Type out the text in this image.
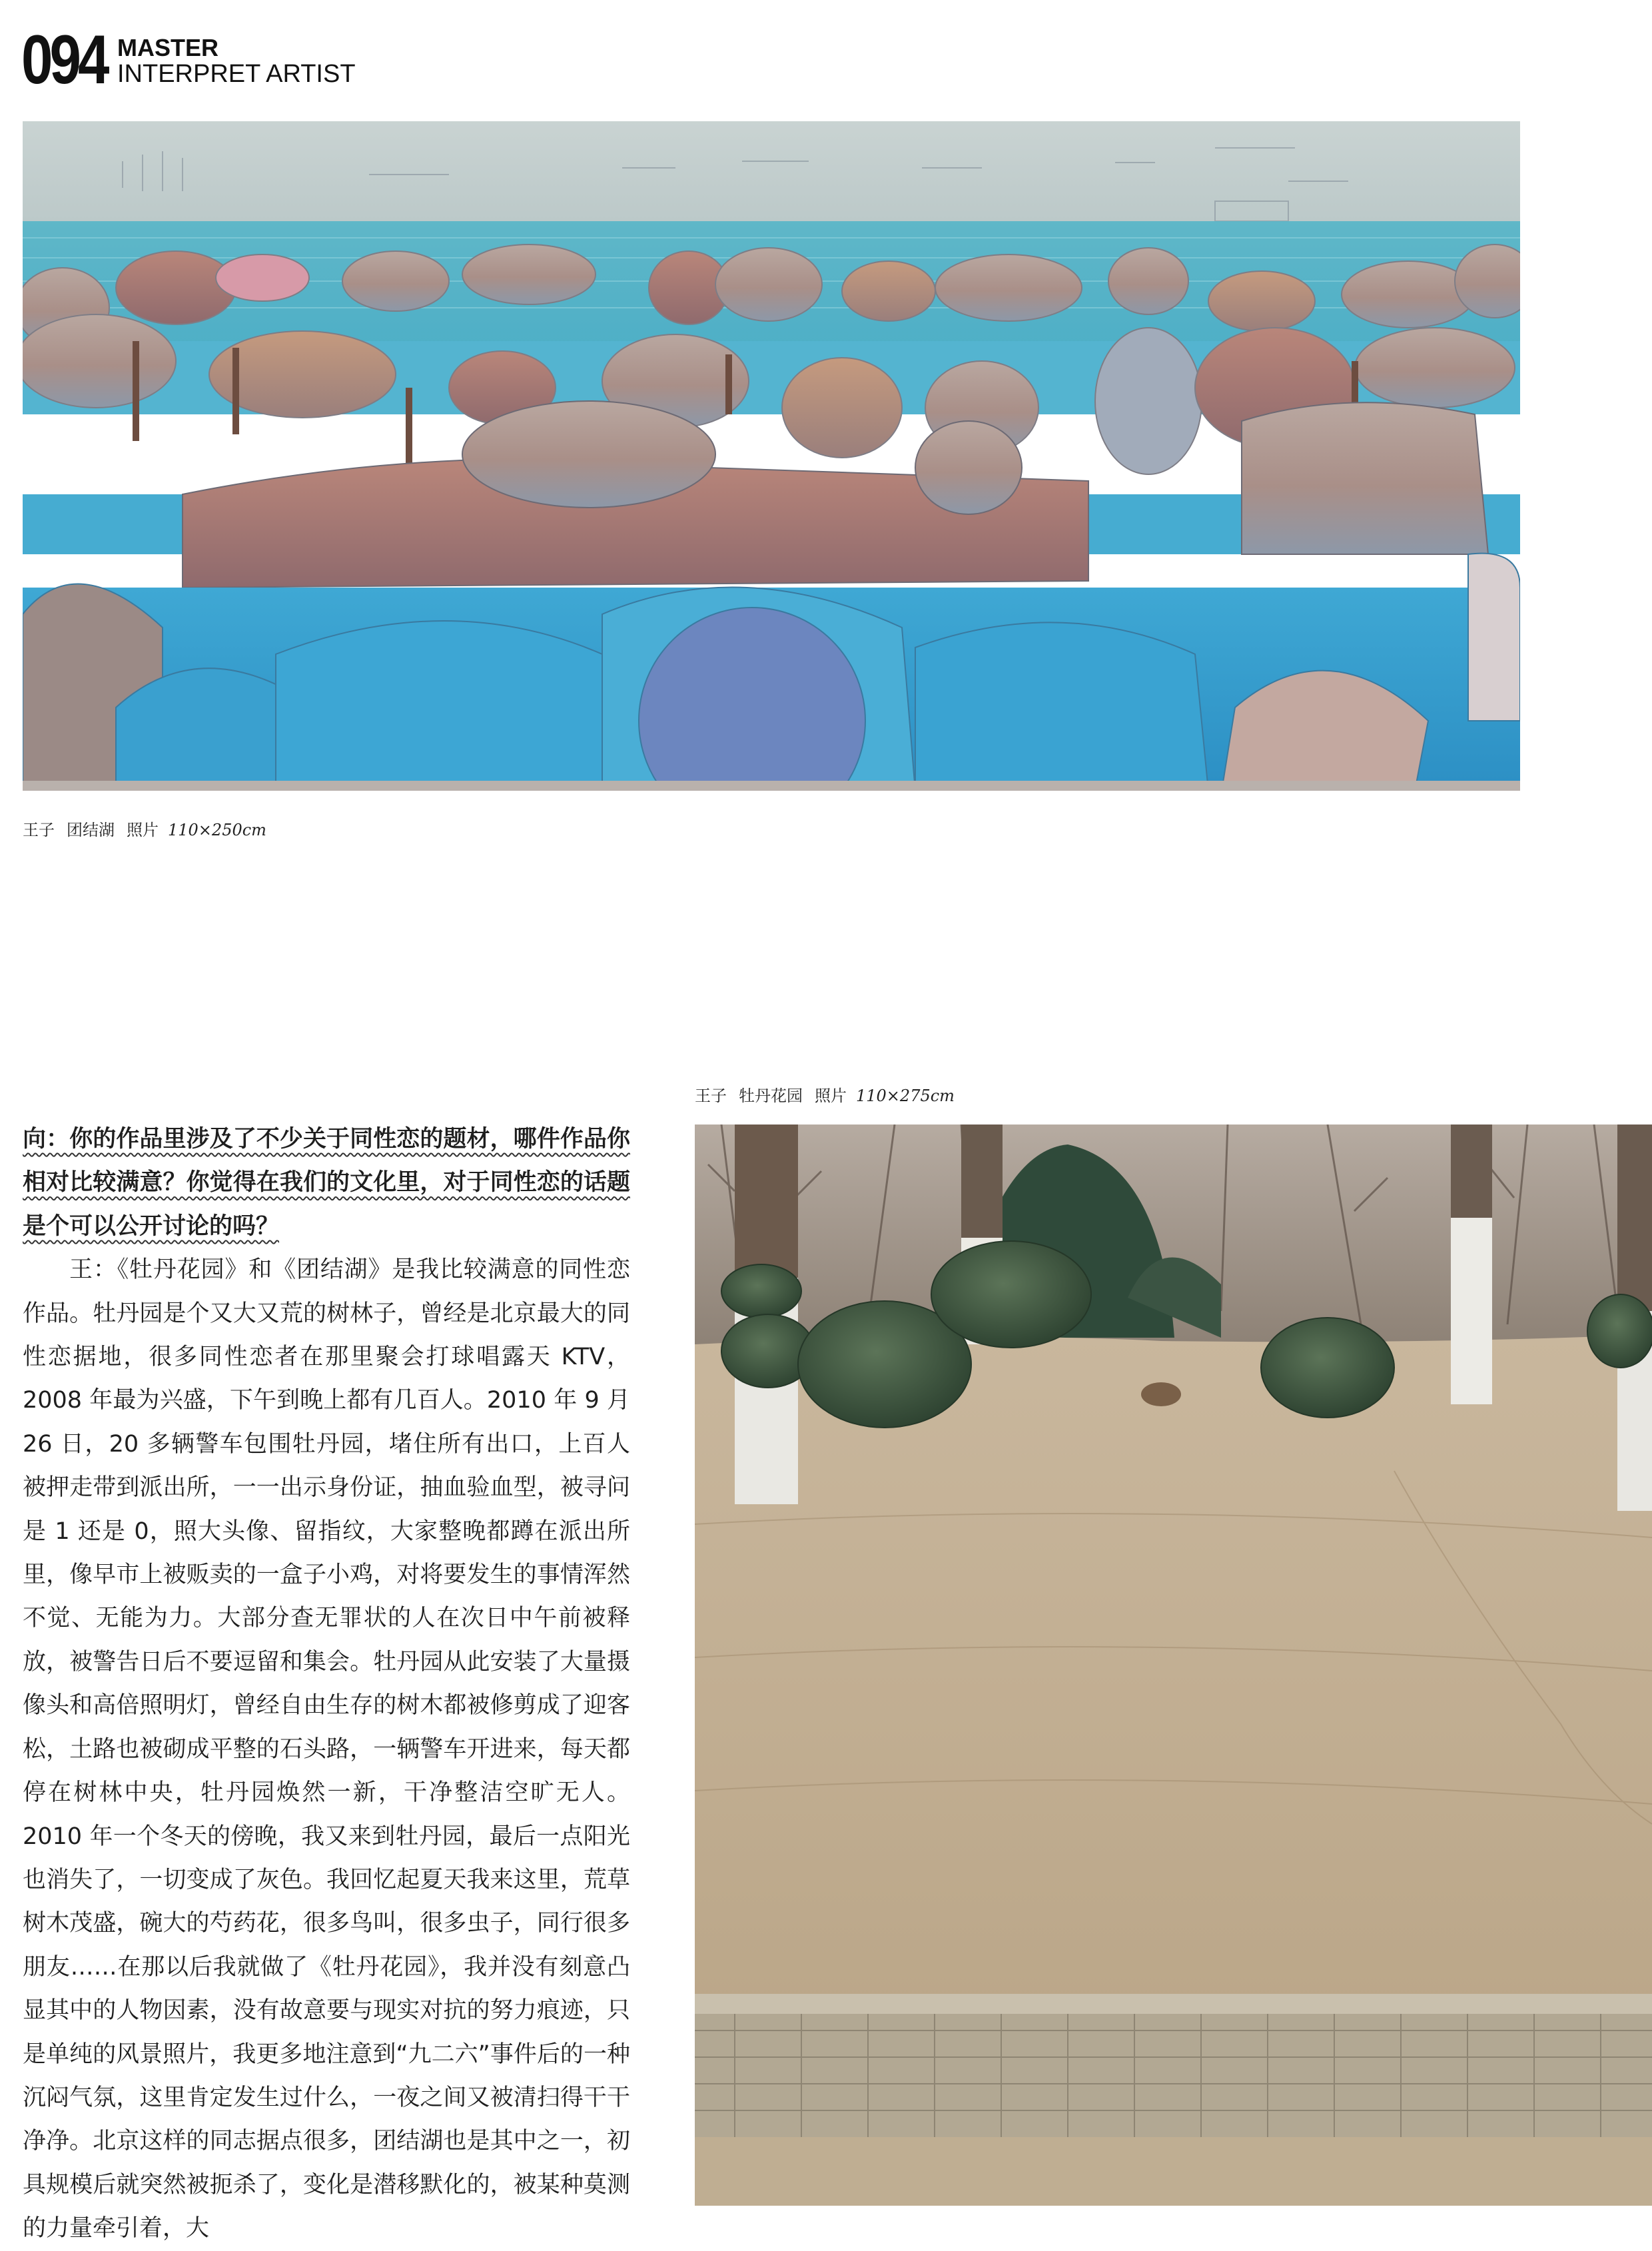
094 MASTER
INTERPRET ARTIST
王子 团结湖 照片 110×250cm
王子 牡丹花园 照片 110×275cm

向：你的作品里涉及了不少关于同性恋的题材，哪件作品你相对比较满意？你觉得在我们的文化里，对于同性恋的话题是个可以公开讨论的吗？

王：《牡丹花园》和《团结湖》是我比较满意的同性恋作品。牡丹园是个又大又荒的树林子，曾经是北京最大的同性恋据地，很多同性恋者在那里聚会打球唱露天 KTV，2008 年最为兴盛，下午到晚上都有几百人。2010 年 9 月 26 日，20 多辆警车包围牡丹园，堵住所有出口，上百人被押走带到派出所，一一出示身份证，抽血验血型，被寻问是 1 还是 0，照大头像、留指纹，大家整晚都蹲在派出所里，像早市上被贩卖的一盒子小鸡，对将要发生的事情浑然不觉、无能为力。大部分查无罪状的人在次日中午前被释放，被警告日后不要逗留和集会。牡丹园从此安装了大量摄像头和高倍照明灯，曾经自由生存的树木都被修剪成了迎客松，土路也被砌成平整的石头路，一辆警车开进来，每天都停在树林中央，牡丹园焕然一新，干净整洁空旷无人。2010 年一个冬天的傍晚，我又来到牡丹园，最后一点阳光也消失了，一切变成了灰色。我回忆起夏天我来这里，荒草树木茂盛，碗大的芍药花，很多鸟叫，很多虫子，同行很多朋友……在那以后我就做了《牡丹花园》，我并没有刻意凸显其中的人物因素，没有故意要与现实对抗的努力痕迹，只是单纯的风景照片，我更多地注意到“九二六”事件后的一种沉闷气氛，这里肯定发生过什么，一夜之间又被清扫得干干净净。北京这样的同志据点很多，团结湖也是其中之一，初具规模后就突然被扼杀了，变化是潜移默化的，被某种莫测的力量牵引着，大
